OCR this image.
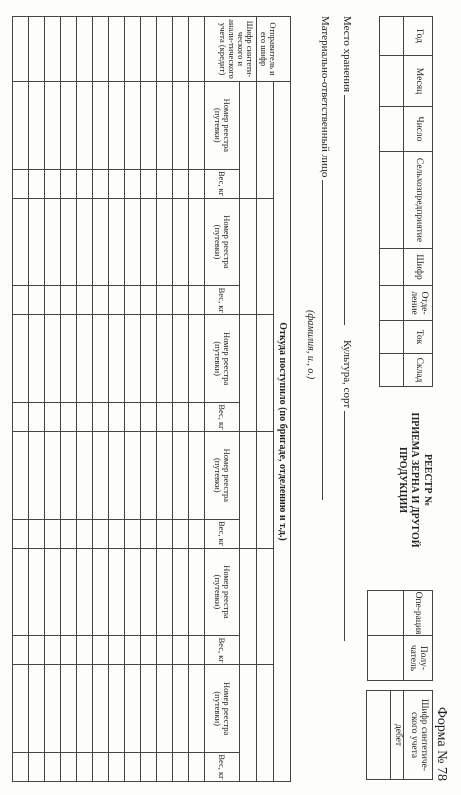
Форма № 78
Год	Месяц	Число	Сельхозпредприятие	Шифр	Отде-ление	Ток	Склад

РЕЕСТР №
ПРИЕМА ЗЕРНА И ДРУГОЙ
ПРОДУКЦИИ
Опе-рация	Полу-чатель

Шифр синтетиче-ского учета
дебет

Место хранения
Культура, сорт
Материально-ответственный лицо
(фамилия, и., о.)
Отправитель и его шифр
Шифр синтети-ческого и анали-тического учета (кредит)	Откуда поступило (по бригаде, отделению и т.д.)											

	Номер реестра (путевки)	Вес, кг	Номер реестра (путевки)	Вес, кг	Номер реестра (путевки)	Вес, кг	Номер реестра (путевки)	Вес, кг	Номер реестра (путевки)	Вес, кг	Номер реестра (путевки)	Вес, кг
